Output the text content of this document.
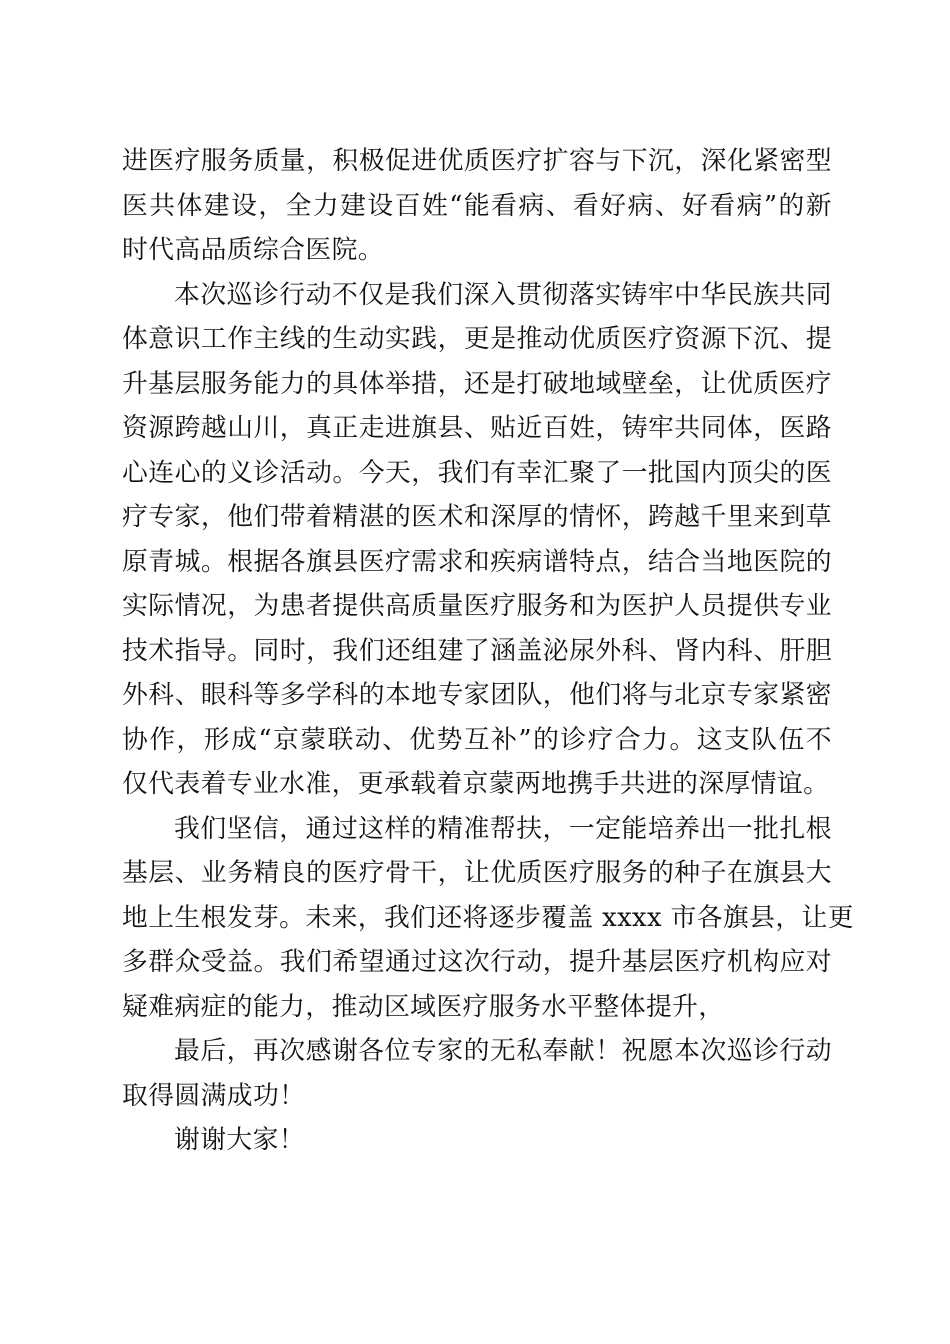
进医疗服务质量，积极促进优质医疗扩容与下沉，深化紧密型
医共体建设，全力建设百姓“能看病、看好病、好看病”的新
时代高品质综合医院。
本次巡诊行动不仅是我们深入贯彻落实铸牢中华民族共同
体意识工作主线的生动实践，更是推动优质医疗资源下沉、提
升基层服务能力的具体举措，还是打破地域壁垒，让优质医疗
资源跨越山川，真正走进旗县、贴近百姓，铸牢共同体，医路
心连心的义诊活动。今天，我们有幸汇聚了一批国内顶尖的医
疗专家，他们带着精湛的医术和深厚的情怀，跨越千里来到草
原青城。根据各旗县医疗需求和疾病谱特点，结合当地医院的
实际情况，为患者提供高质量医疗服务和为医护人员提供专业
技术指导。同时，我们还组建了涵盖泌尿外科、肾内科、肝胆
外科、眼科等多学科的本地专家团队，他们将与北京专家紧密
协作，形成“京蒙联动、优势互补”的诊疗合力。这支队伍不
仅代表着专业水准，更承载着京蒙两地携手共进的深厚情谊。
我们坚信，通过这样的精准帮扶，一定能培养出一批扎根
基层、业务精良的医疗骨干，让优质医疗服务的种子在旗县大
地上生根发芽。未来，我们还将逐步覆盖 xxxx 市各旗县，让更
多群众受益。我们希望通过这次行动，提升基层医疗机构应对
疑难病症的能力，推动区域医疗服务水平整体提升，
最后，再次感谢各位专家的无私奉献！祝愿本次巡诊行动
取得圆满成功！
谢谢大家！
